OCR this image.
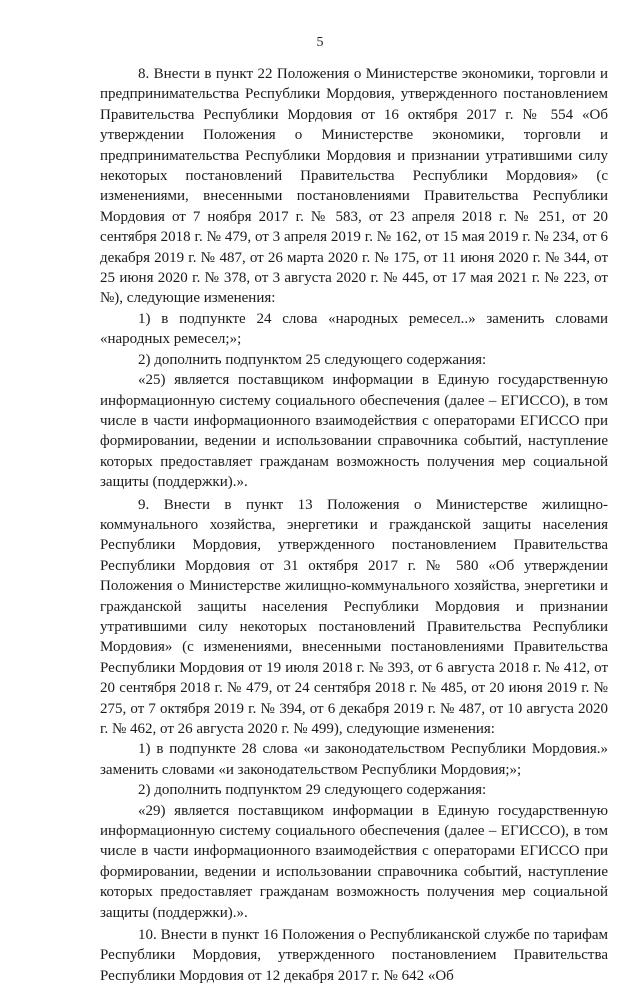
5

8. Внести в пункт 22 Положения о Министерстве экономики, торговли и предпринимательства Республики Мордовия, утвержденного постановлением Правительства Республики Мордовия от 16 октября 2017 г. № 554 «Об утверждении Положения о Министерстве экономики, торговли и предпринимательства Республики Мордовия и признании утратившими силу некоторых постановлений Правительства Республики Мордовия» (с изменениями, внесенными постановлениями Правительства Республики Мордовия от 7 ноября 2017 г. № 583, от 23 апреля 2018 г. № 251, от 20 сентября 2018 г. № 479, от 3 апреля 2019 г. № 162, от 15 мая 2019 г. № 234, от 6 декабря 2019 г. № 487, от 26 марта 2020 г. № 175, от 11 июня 2020 г. № 344, от 25 июня 2020 г. № 378, от 3 августа 2020 г. № 445, от 17 мая 2021 г. № 223, от №), следующие изменения:

1) в подпункте 24 слова «народных ремесел..» заменить словами «народных ремесел;»;

2) дополнить подпунктом 25 следующего содержания:

«25) является поставщиком информации в Единую государственную информационную систему социального обеспечения (далее – ЕГИССО), в том числе в части информационного взаимодействия с операторами ЕГИССО при формировании, ведении и использовании справочника событий, наступление которых предоставляет гражданам возможность получения мер социальной защиты (поддержки).».

9. Внести в пункт 13 Положения о Министерстве жилищно-коммунального хозяйства, энергетики и гражданской защиты населения Республики Мордовия, утвержденного постановлением Правительства Республики Мордовия от 31 октября 2017 г. № 580 «Об утверждении Положения о Министерстве жилищно-коммунального хозяйства, энергетики и гражданской защиты населения Республики Мордовия и признании утратившими силу некоторых постановлений Правительства Республики Мордовия» (с изменениями, внесенными постановлениями Правительства Республики Мордовия от 19 июля 2018 г. № 393, от 6 августа 2018 г. № 412, от 20 сентября 2018 г. № 479, от 24 сентября 2018 г. № 485, от 20 июня 2019 г. № 275, от 7 октября 2019 г. № 394, от 6 декабря 2019 г. № 487, от 10 августа 2020 г. № 462, от 26 августа 2020 г. № 499), следующие изменения:

1) в подпункте 28 слова «и законодательством Республики Мордовия.» заменить словами «и законодательством Республики Мордовия;»;

2) дополнить подпунктом 29 следующего содержания:

«29) является поставщиком информации в Единую государственную информационную систему социального обеспечения (далее – ЕГИССО), в том числе в части информационного взаимодействия с операторами ЕГИССО при формировании, ведении и использовании справочника событий, наступление которых предоставляет гражданам возможность получения мер социальной защиты (поддержки).».

10. Внести в пункт 16 Положения о Республиканской службе по тарифам Республики Мордовия, утвержденного постановлением Правительства Республики Мордовия от 12 декабря 2017 г. № 642 «Об
